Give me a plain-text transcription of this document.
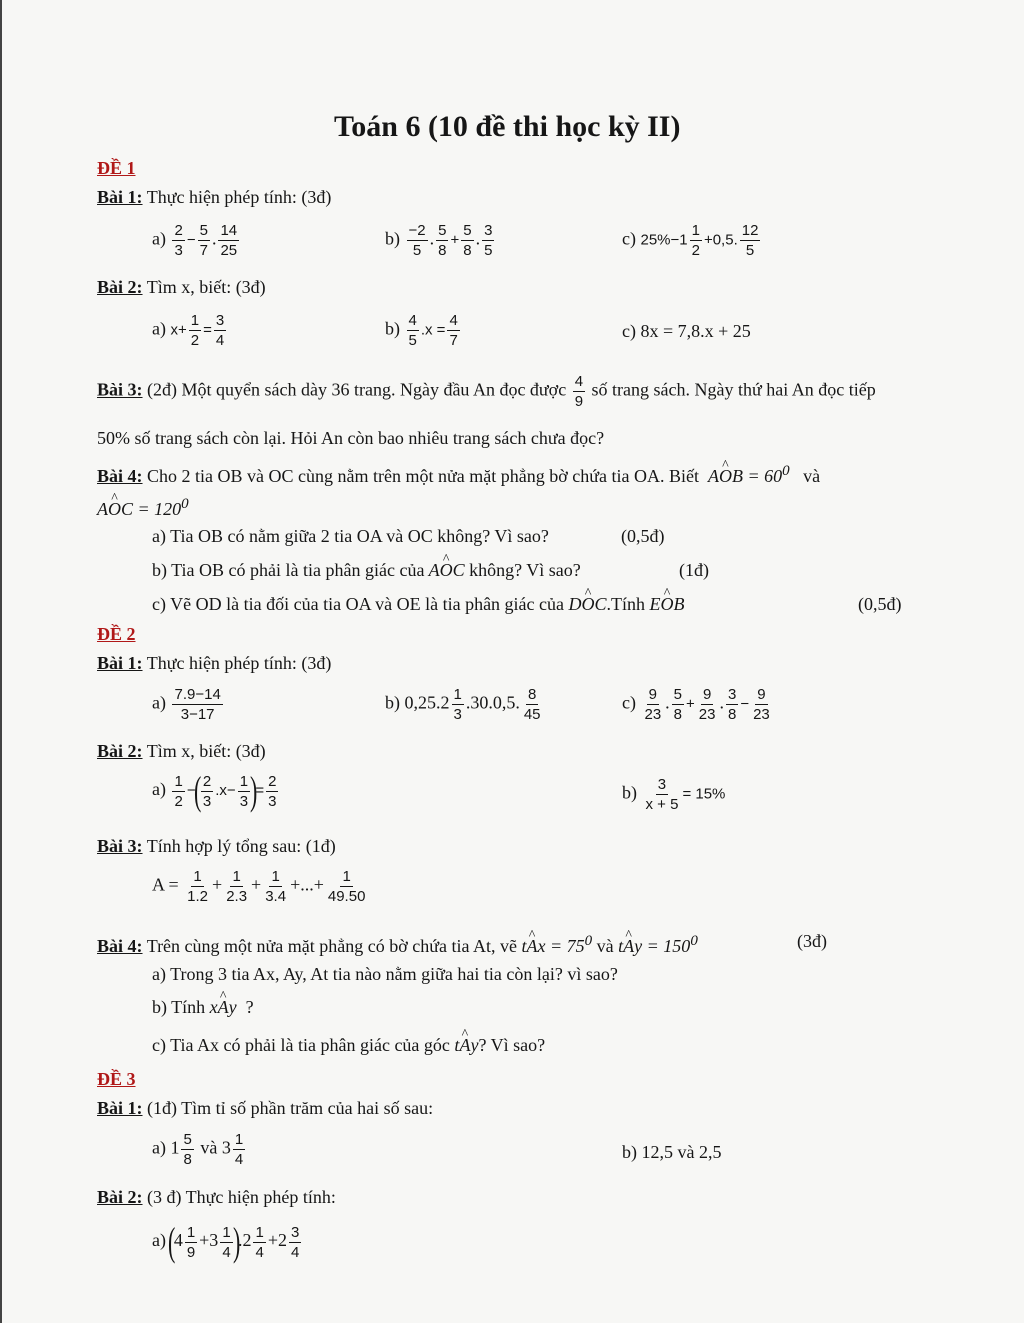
Toán 6 (10 đề thi học kỳ II)
ĐỀ 1
Bài 1: Thực hiện phép tính: (3đ)
$a) \frac{2}{3} - \frac{5}{7}$ . $\frac{14}{25}$	$b) \frac{-2}{5}$ . $\frac{5}{8} + \frac{5}{8}$ . $\frac{3}{5}$	c) $25\%-1 \frac{1}{2} +0,5$. $\frac{12}{5}$
Bài 2: Tìm x, biết: (3đ)
a) $x+ \frac{1}{2} = \frac{3}{4}$	$b) \frac{4}{5} .x = \frac{4}{7}$	c) 8x = 7,8.x + 25
Bài 3: (2đ) Một quyển sách dày 36 trang. Ngày đầu An đọc được $\frac{4}{9}$ số trang sách. Ngày thứ hai An đọc tiếp
50% số trang sách còn lại. Hỏi An còn bao nhiêu trang sách chưa đọc?
Bài 4: Cho 2 tia OB và OC cùng nằm trên một nửa mặt phẳng bờ chứa tia OA. Biết  AO ^B = $60^0$ và
AO ^C = $120^0$
a) Tia OB có nằm giữa 2 tia OA và OC không? Vì sao?	(0,5đ)
b) Tia OB có phải là tia phân giác của AO ^C không? Vì sao?	(1đ)
c) Vẽ OD là tia đối của tia OA và OE là tia phân giác của DO ^C.Tính EO ^B	(0,5đ)
ĐỀ 2
Bài 1: Thực hiện phép tính: (3đ)
$a) \frac{7.9-14}{3-17}$	b) $0,25.2 \frac{1}{3} .30.0,5$. $\frac{8}{45}$	$c) \frac{9}{23}$ . $\frac{5}{8} + \frac{9}{23}$ . $\frac{3}{8} - \frac{9}{23}$
Bài 2: Tìm x, biết: (3đ)
$a) \frac{1}{2}$ −( $\frac{2}{3} .x- \frac{1}{3}$ )= $\frac{2}{3}$	$b) \frac{3}{x + 5} = 15\%$
Bài 3: Tính hợp lý tổng sau: (1đ)
$A = \frac{1}{1.2} + \frac{1}{2.3} + \frac{1}{3.4}$ +...+ $\frac{1}{49.50}$
Bài 4: Trên cùng một nửa mặt phẳng có bờ chứa tia At, vẽ tA ^x = $75^0$ và tA ^y = $150^0$	(3đ)
a) Trong 3 tia Ax, Ay, At tia nào nằm giữa hai tia còn lại? vì sao?
b) Tính xA ^y ?
c) Tia Ax có phải là tia phân giác của góc tA ^y? Vì sao?
ĐỀ 3
Bài 1: (1đ) Tìm tỉ số phần trăm của hai số sau:
a) $1 \frac{5}{8}$ và $3 \frac{1}{4}$	b) 12,5 và 2,5
Bài 2: (3 đ) Thực hiện phép tính:
a) $(4 \frac{1}{9} +3 \frac{1}{4} ).2 \frac{1}{4} +2 \frac{3}{4}$
